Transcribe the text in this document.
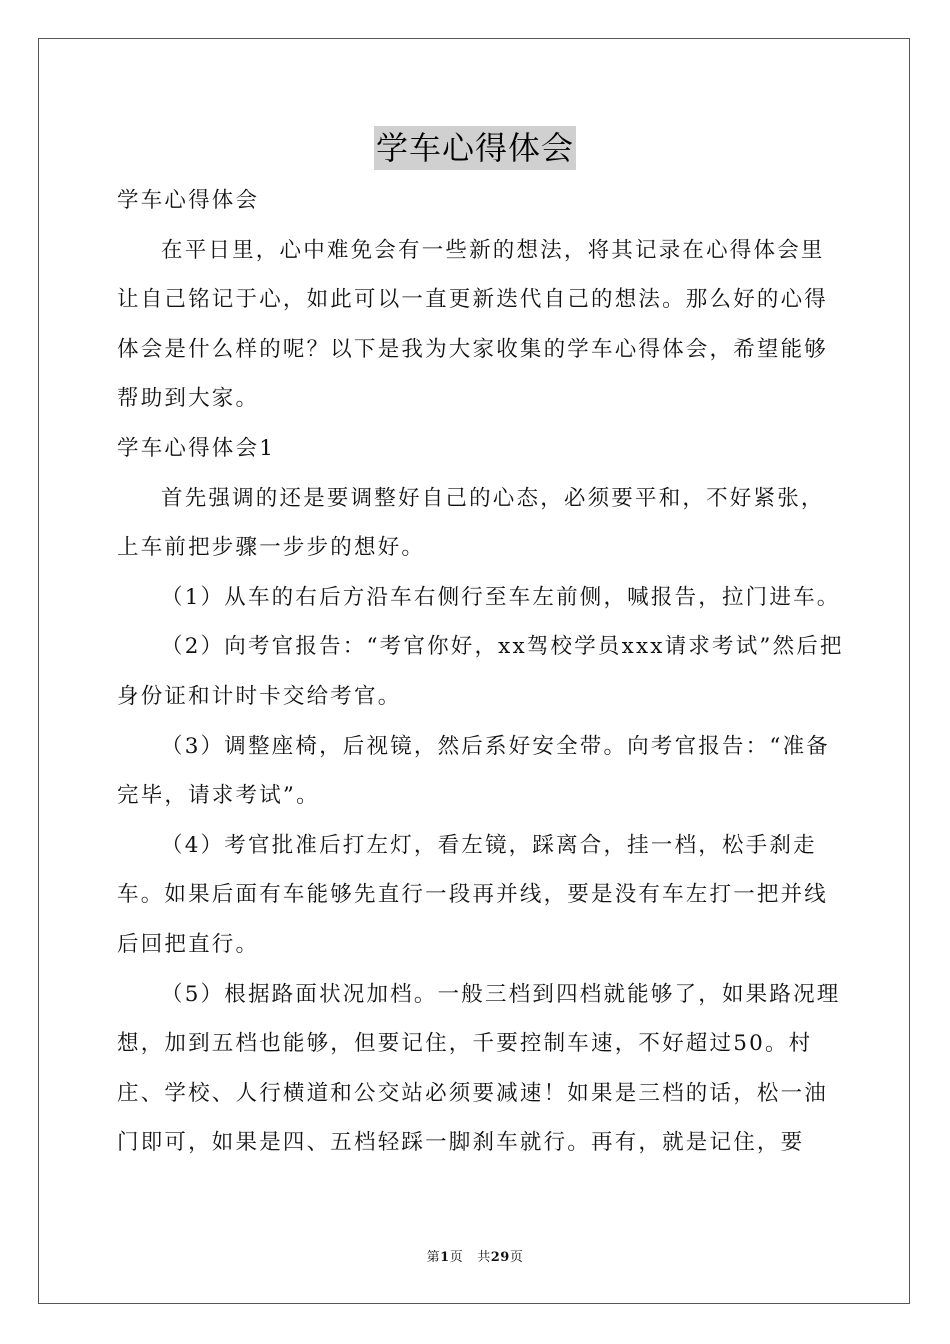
学车心得体会

学车心得体会

在平日里，心中难免会有一些新的想法，将其记录在心得体会里让自己铭记于心，如此可以一直更新迭代自己的想法。那么好的心得体会是什么样的呢？以下是我为大家收集的学车心得体会，希望能够帮助到大家。

学车心得体会1

首先强调的还是要调整好自己的心态，必须要平和，不好紧张，上车前把步骤一步步的想好。

（1）从车的右后方沿车右侧行至车左前侧，喊报告，拉门进车。

（2）向考官报告：“考官你好，xx驾校学员xxx请求考试”然后把身份证和计时卡交给考官。

（3）调整座椅，后视镜，然后系好安全带。向考官报告：“准备完毕，请求考试”。

（4）考官批准后打左灯，看左镜，踩离合，挂一档，松手刹走车。如果后面有车能够先直行一段再并线，要是没有车左打一把并线后回把直行。

（5）根据路面状况加档。一般三档到四档就能够了，如果路况理想，加到五档也能够，但要记住，千要控制车速，不好超过50。村庄、学校、人行横道和公交站必须要减速！如果是三档的话，松一油门即可，如果是四、五档轻踩一脚刹车就行。再有，就是记住，要

第1页 共29页
